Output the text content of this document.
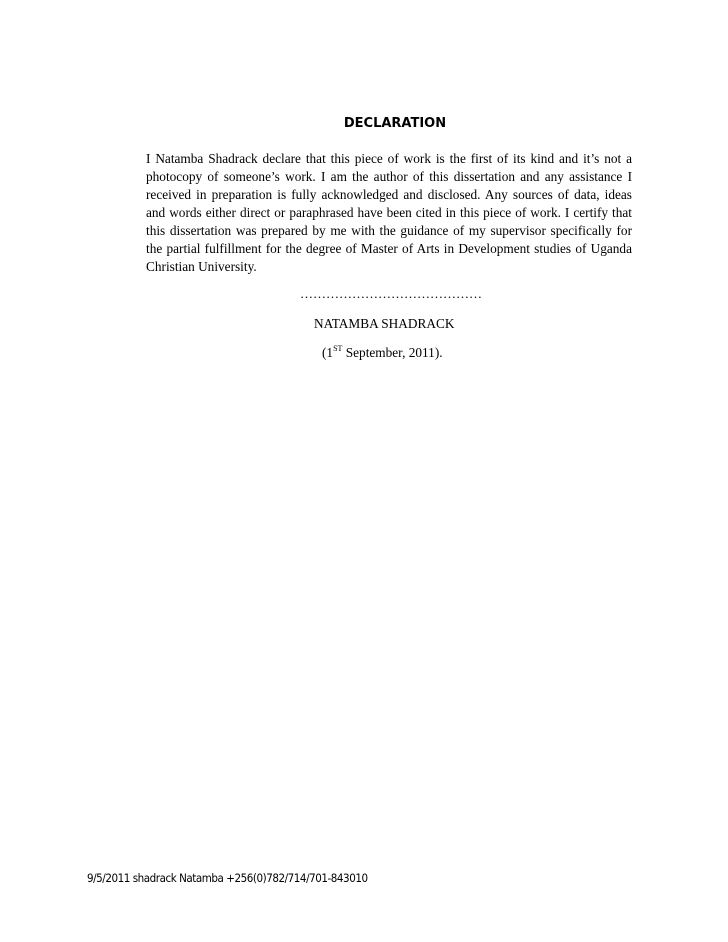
DECLARATION

I Natamba Shadrack declare that this piece of work is the first of its kind and it’s not a photocopy of someone’s work. I am the author of this dissertation and any assistance I received in preparation is fully acknowledged and disclosed. Any sources of data, ideas and words either direct or paraphrased have been cited in this piece of work. I certify that this dissertation was prepared by me with the guidance of my supervisor specifically for the partial fulfillment for the degree of Master of Arts in Development studies of Uganda Christian University.

……………………………………
NATAMBA SHADRACK
(1ST September, 2011).
9/5/2011 shadrack Natamba +256(0)782/714/701-843010
